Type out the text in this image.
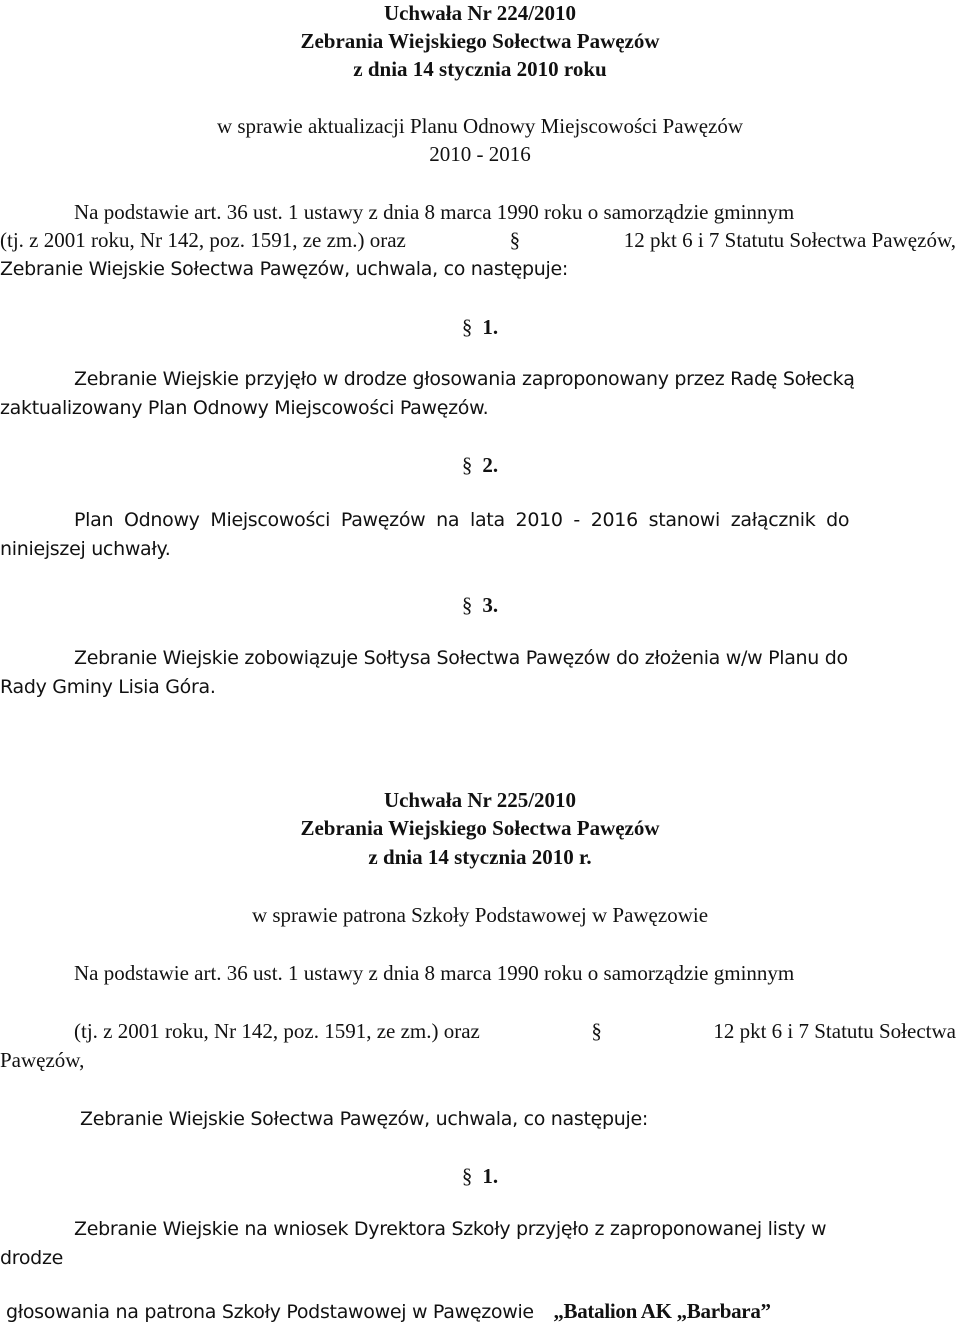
Uchwała Nr 224/2010
Zebrania Wiejskiego Sołectwa Pawęzów
z dnia 14 stycznia 2010 roku
w sprawie aktualizacji Planu Odnowy Miejscowości Pawęzów
2010 - 2016
Na podstawie art. 36 ust. 1 ustawy z dnia 8 marca 1990 roku o samorządzie gminnym
(tj. z 2001 roku, Nr 142, poz. 1591, ze zm.) oraz	§	12 pkt 6 i 7 Statutu Sołectwa Pawęzów,
Zebranie Wiejskie Sołectwa Pawęzów, uchwala, co następuje:
§ 1.
Zebranie Wiejskie przyjęło w drodze głosowania zaproponowany przez Radę Sołecką
zaktualizowany Plan Odnowy Miejscowości Pawęzów.
§ 2.
Plan Odnowy Miejscowości Pawęzów na lata 2010 - 2016 stanowi załącznik do
niniejszej uchwały.
§ 3.
Zebranie Wiejskie zobowiązuje Sołtysa Sołectwa Pawęzów do złożenia w/w Planu do
Rady Gminy Lisia Góra.
Uchwała Nr 225/2010
Zebrania Wiejskiego Sołectwa Pawęzów
z dnia 14 stycznia 2010 r.
w sprawie patrona Szkoły Podstawowej w Pawęzowie
Na podstawie art. 36 ust. 1 ustawy z dnia 8 marca 1990 roku o samorządzie gminnym
(tj. z 2001 roku, Nr 142, poz. 1591, ze zm.) oraz	§	12 pkt 6 i 7 Statutu Sołectwa
Pawęzów,
Zebranie Wiejskie Sołectwa Pawęzów, uchwala, co następuje:
§ 1.
Zebranie Wiejskie na wniosek Dyrektora Szkoły przyjęło z zaproponowanej listy w
drodze
głosowania na patrona Szkoły Podstawowej w Pawęzowie „Batalion AK „Barbara”
